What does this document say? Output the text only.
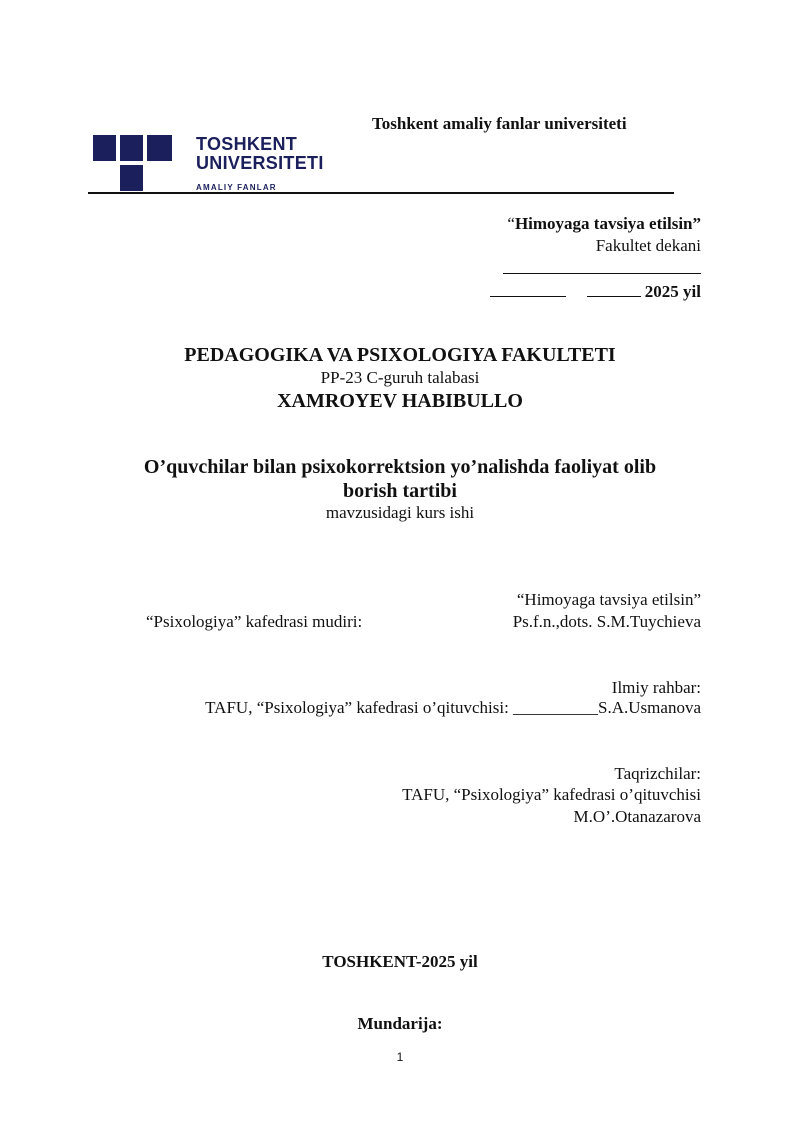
Toshkent amaliy fanlar universiteti
TOSHKENT
UNIVERSITETI
AMALIY FANLAR
“Himoyaga tavsiya etilsin”
Fakultet dekani
2025 yil
PEDAGOGIKA VA PSIXOLOGIYA FAKULTETI
PP-23 C-guruh talabasi
XAMROYEV HABIBULLO
O’quvchilar bilan psixokorrektsion yo’nalishda faoliyat olib
borish tartibi
mavzusidagi kurs ishi
“Himoyaga tavsiya etilsin”
“Psixologiya” kafedrasi mudiri:	Ps.f.n.,dots. S.M.Tuychieva
Ilmiy rahbar:
TAFU, “Psixologiya” kafedrasi o’qituvchisi: __________S.A.Usmanova
Taqrizchilar:
TAFU, “Psixologiya” kafedrasi o’qituvchisi
M.O’.Otanazarova
TOSHKENT-2025 yil
Mundarija:
1
